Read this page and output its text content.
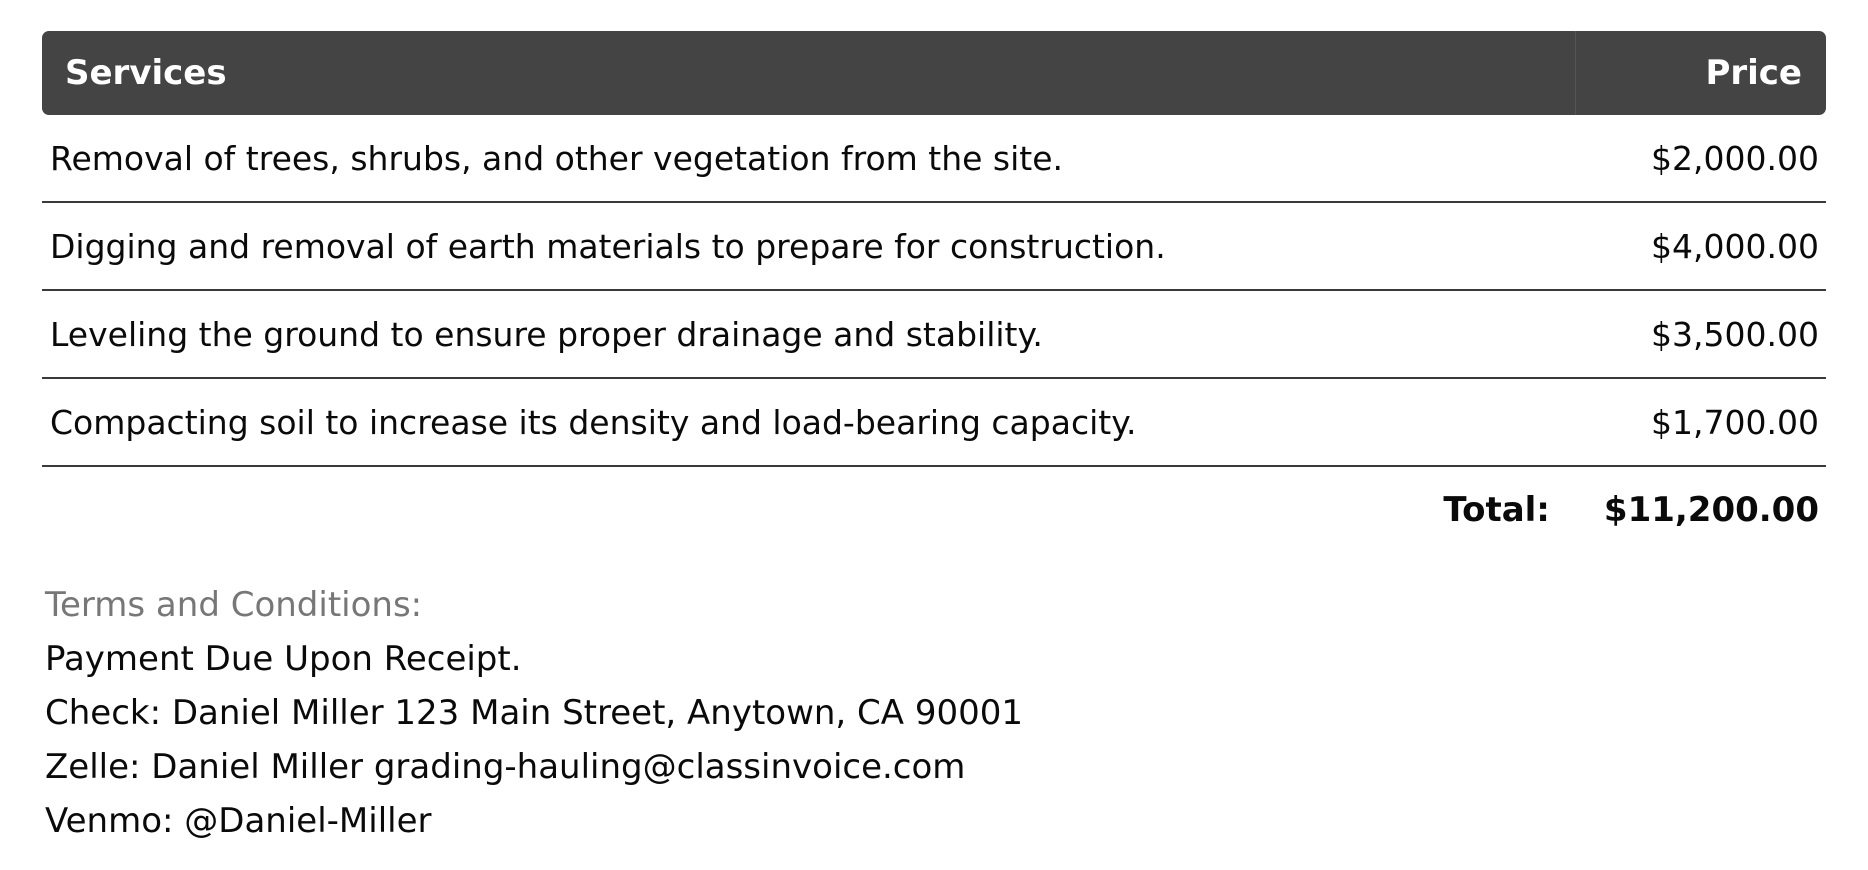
Services	Price
Removal of trees, shrubs, and other vegetation from the site.	$2,000.00
Digging and removal of earth materials to prepare for construction.	$4,000.00
Leveling the ground to ensure proper drainage and stability.	$3,500.00
Compacting soil to increase its density and load-bearing capacity.	$1,700.00
Total:	$11,200.00
Terms and Conditions:
Payment Due Upon Receipt.
Check: Daniel Miller 123 Main Street, Anytown, CA 90001
Zelle: Daniel Miller grading-hauling@classinvoice.com
Venmo: @Daniel-Miller
